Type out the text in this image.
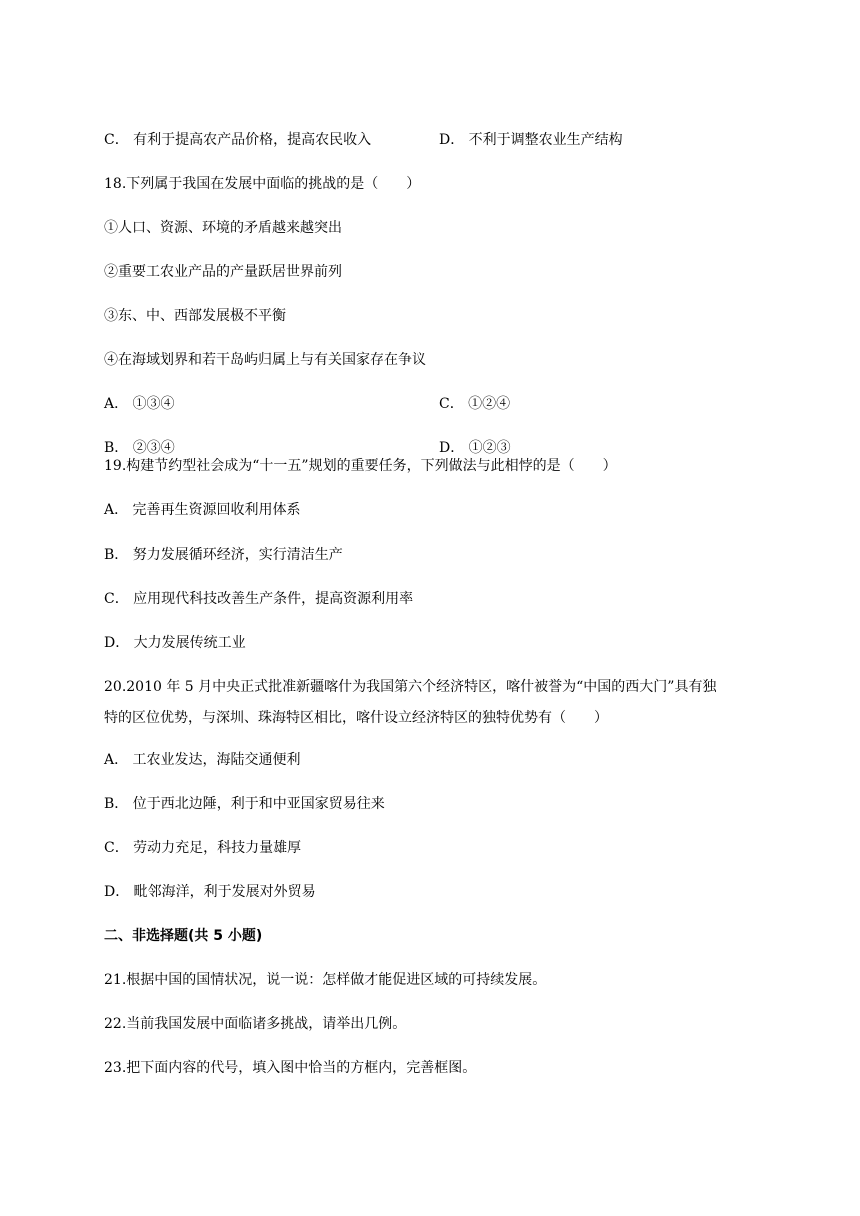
C． 有利于提高农产品价格，提高农民收入	D． 不利于调整农业生产结构
18.下列属于我国在发展中面临的挑战的是（　　）
①人口、资源、环境的矛盾越来越突出
②重要工农业产品的产量跃居世界前列
③东、中、西部发展极不平衡
④在海域划界和若干岛屿归属上与有关国家存在争议
A． ①③④	C． ①②④
B． ②③④	D． ①②③
19.构建节约型社会成为“十一五”规划的重要任务，下列做法与此相悖的是（　　）
A． 完善再生资源回收利用体系
B． 努力发展循环经济，实行清洁生产
C． 应用现代科技改善生产条件，提高资源利用率
D． 大力发展传统工业
20.2010 年 5 月中央正式批准新疆喀什为我国第六个经济特区，喀什被誉为“中国的西大门”具有独
特的区位优势，与深圳、珠海特区相比，喀什设立经济特区的独特优势有（　　）
A． 工农业发达，海陆交通便利
B． 位于西北边陲，利于和中亚国家贸易往来
C． 劳动力充足，科技力量雄厚
D． 毗邻海洋，利于发展对外贸易
二、非选择题(共 5 小题)
21.根据中国的国情状况，说一说：怎样做才能促进区域的可持续发展。
22.当前我国发展中面临诸多挑战，请举出几例。
23.把下面内容的代号，填入图中恰当的方框内，完善框图。
